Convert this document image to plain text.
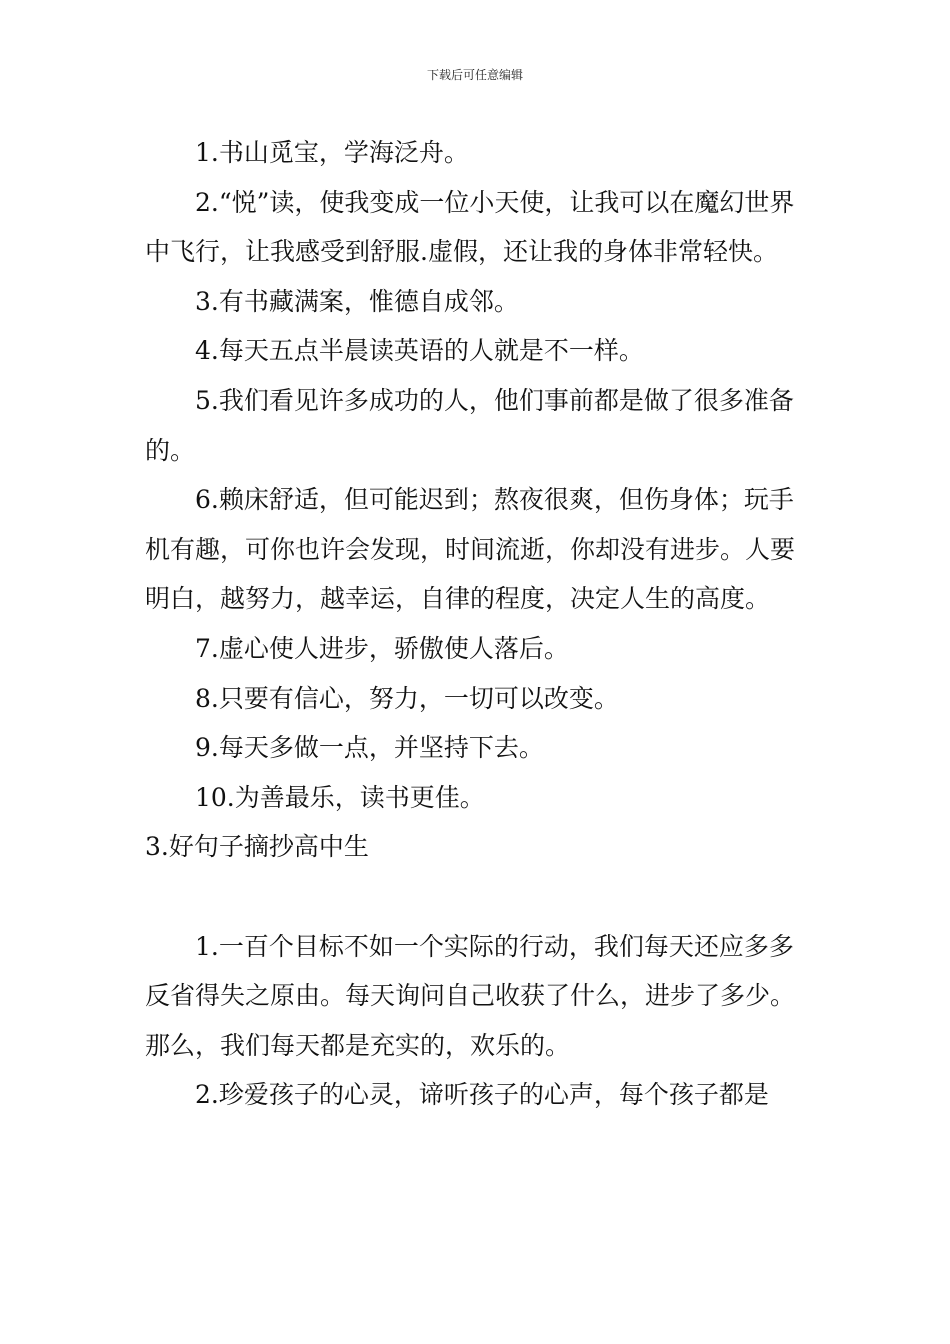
下载后可任意编辑

1.书山觅宝，学海泛舟。

2.“悦”读，使我变成一位小天使，让我可以在魔幻世界中飞行，让我感受到舒服.虚假，还让我的身体非常轻快。

3.有书藏满案，惟德自成邻。

4.每天五点半晨读英语的人就是不一样。

5.我们看见许多成功的人，他们事前都是做了很多准备的。

6.赖床舒适，但可能迟到；熬夜很爽，但伤身体；玩手机有趣，可你也许会发现，时间流逝，你却没有进步。人要明白，越努力，越幸运，自律的程度，决定人生的高度。

7.虚心使人进步，骄傲使人落后。

8.只要有信心，努力，一切可以改变。

9.每天多做一点，并坚持下去。

10.为善最乐，读书更佳。

3.好句子摘抄高中生

1.一百个目标不如一个实际的行动，我们每天还应多多反省得失之原由。每天询问自己收获了什么，进步了多少。那么，我们每天都是充实的，欢乐的。

2.珍爱孩子的心灵，谛听孩子的心声，每个孩子都是
